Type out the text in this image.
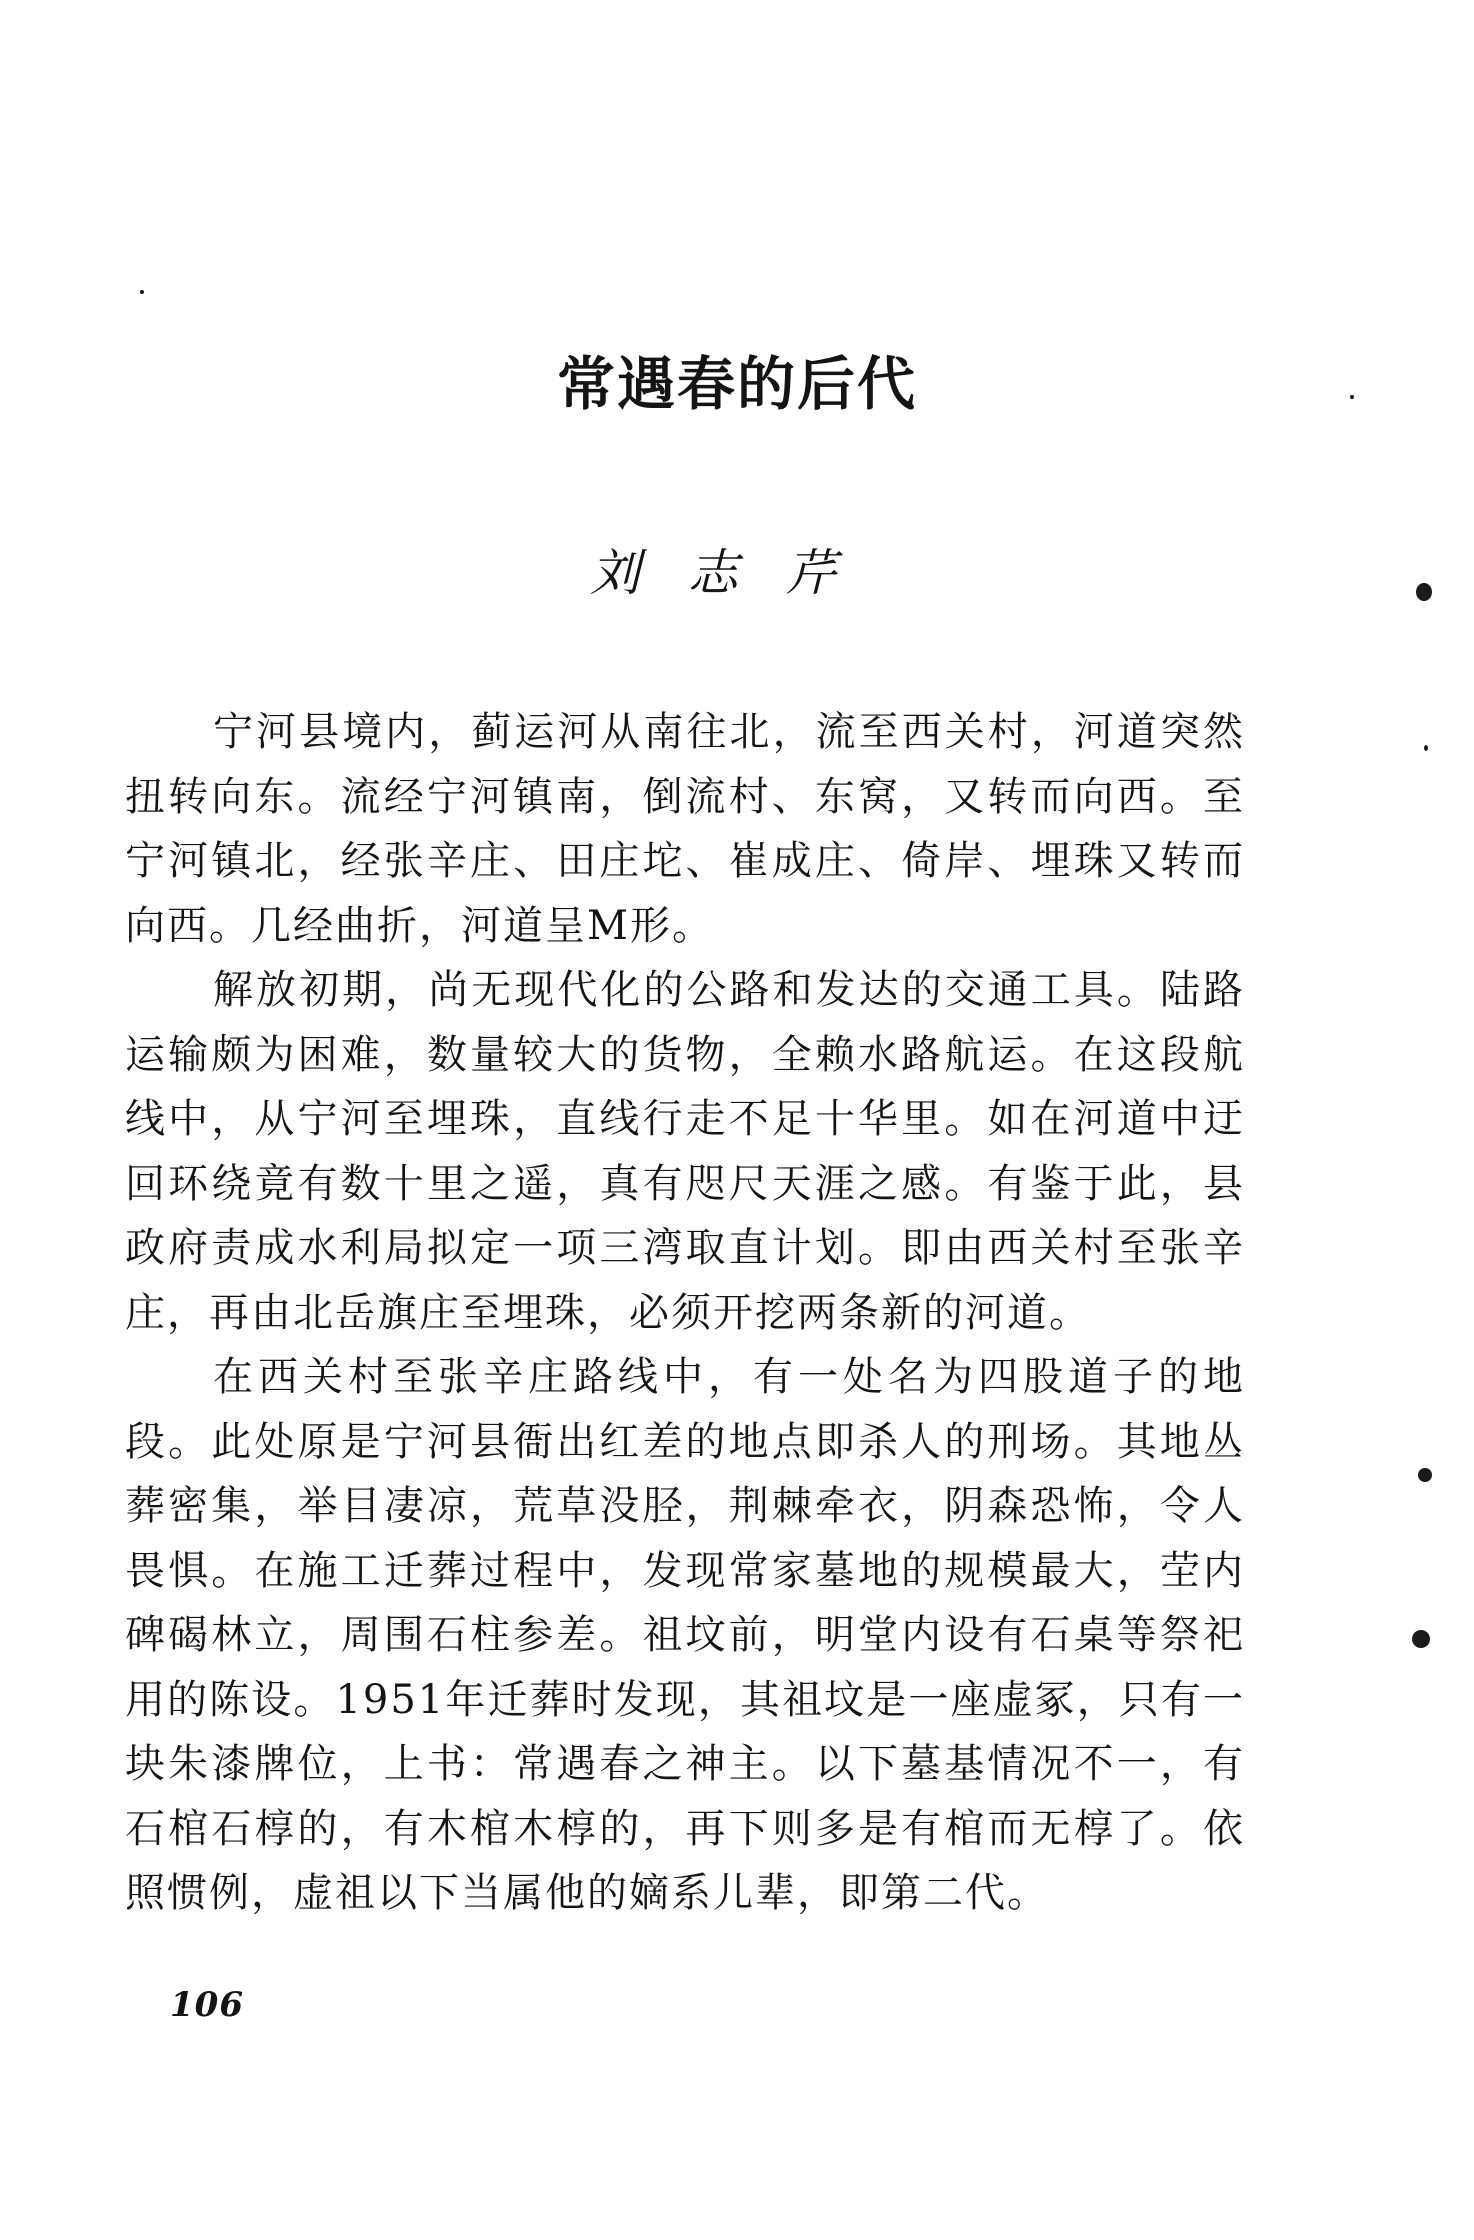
常遇春的后代
刘志芹

宁河县境内，蓟运河从南往北，流至西关村，河道突然扭转向东。流经宁河镇南，倒流村、东窝，又转而向西。至宁河镇北，经张辛庄、田庄坨、崔成庄、倚岸、埋珠又转而向西。几经曲折，河道呈M形。

解放初期，尚无现代化的公路和发达的交通工具。陆路运输颇为困难，数量较大的货物，全赖水路航运。在这段航线中，从宁河至埋珠，直线行走不足十华里。如在河道中迂回环绕竟有数十里之遥，真有咫尺天涯之感。有鉴于此，县政府责成水利局拟定一项三湾取直计划。即由西关村至张辛庄，再由北岳旗庄至埋珠，必须开挖两条新的河道。

在西关村至张辛庄路线中，有一处名为四股道子的地段。此处原是宁河县衙出红差的地点即杀人的刑场。其地丛葬密集，举目凄凉，荒草没胫，荆棘牵衣，阴森恐怖，令人畏惧。在施工迁葬过程中，发现常家墓地的规模最大，茔内碑碣林立，周围石柱参差。祖坟前，明堂内设有石桌等祭祀用的陈设。1951年迁葬时发现，其祖坟是一座虚冢，只有一块朱漆牌位，上书：常遇春之神主。以下墓基情况不一，有石棺石椁的，有木棺木椁的，再下则多是有棺而无椁了。依照惯例，虚祖以下当属他的嫡系儿辈，即第二代。

106
